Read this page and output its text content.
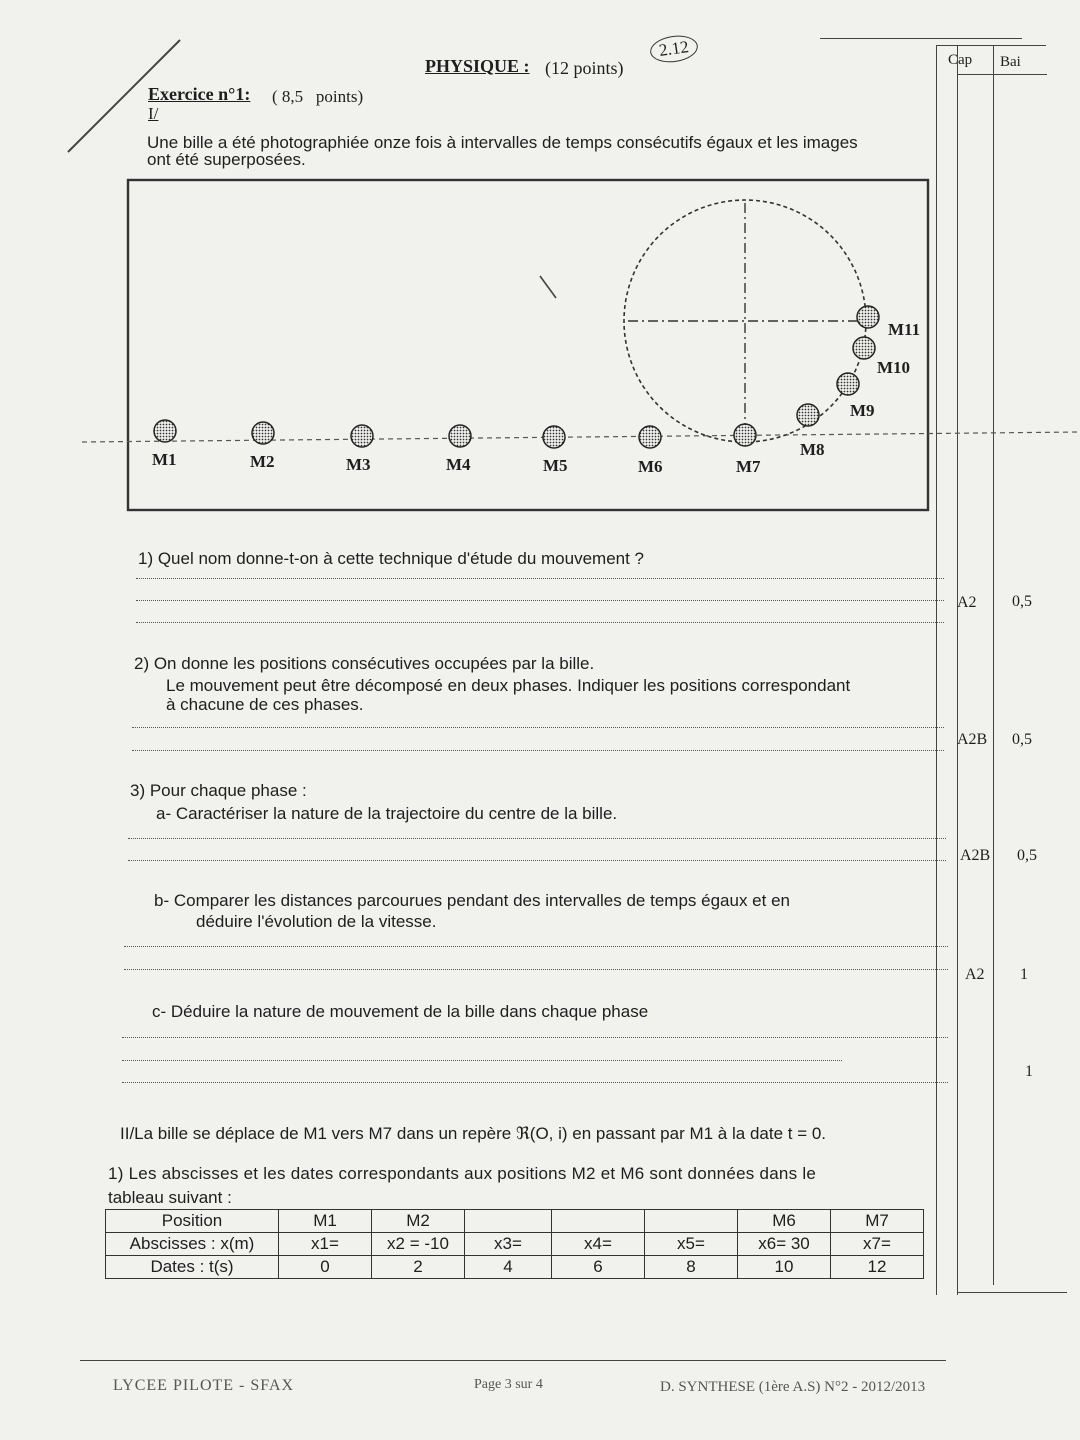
PHYSIQUE : (12 points)
2.12
Cap Bai
Exercice n°1: ( 8,5   points)
I/
Une bille a été photographiée onze fois à intervalles de temps consécutifs égaux et les images
ont été superposées.
M1	M2	M3	M4	M5	M6	M7
M8
M9
M10
M11
1) Quel nom donne-t-on à cette technique d'étude du mouvement ?
2) On donne les positions consécutives occupées par la bille.
Le mouvement peut être décomposé en deux phases. Indiquer les positions correspondant
à chacune de ces phases.
3) Pour chaque phase :
a- Caractériser la nature de la trajectoire du centre de la bille.
b- Comparer les distances parcourues pendant des intervalles de temps égaux et en
déduire l'évolution de la vitesse.
c- Déduire la nature de mouvement de la bille dans chaque phase
A2 0,5
A2B 0,5
A2B 0,5
A2 1
1
II/La bille se déplace de M1 vers M7 dans un repère ℜ(O, i) en passant par M1 à la date t = 0.
1) Les abscisses et les dates correspondants aux positions M2 et M6 sont données dans le
tableau suivant :
Position	M1	M2				M6	M7
Abscisses : x(m)	x1=	x2 = -10	x3=	x4=	x5=	x6= 30	x7=
Dates : t(s)	0	2	4	6	8	10	12
LYCEE PILOTE - SFAX	Page 3 sur 4	D. SYNTHESE (1ère A.S) N°2 - 2012/2013
